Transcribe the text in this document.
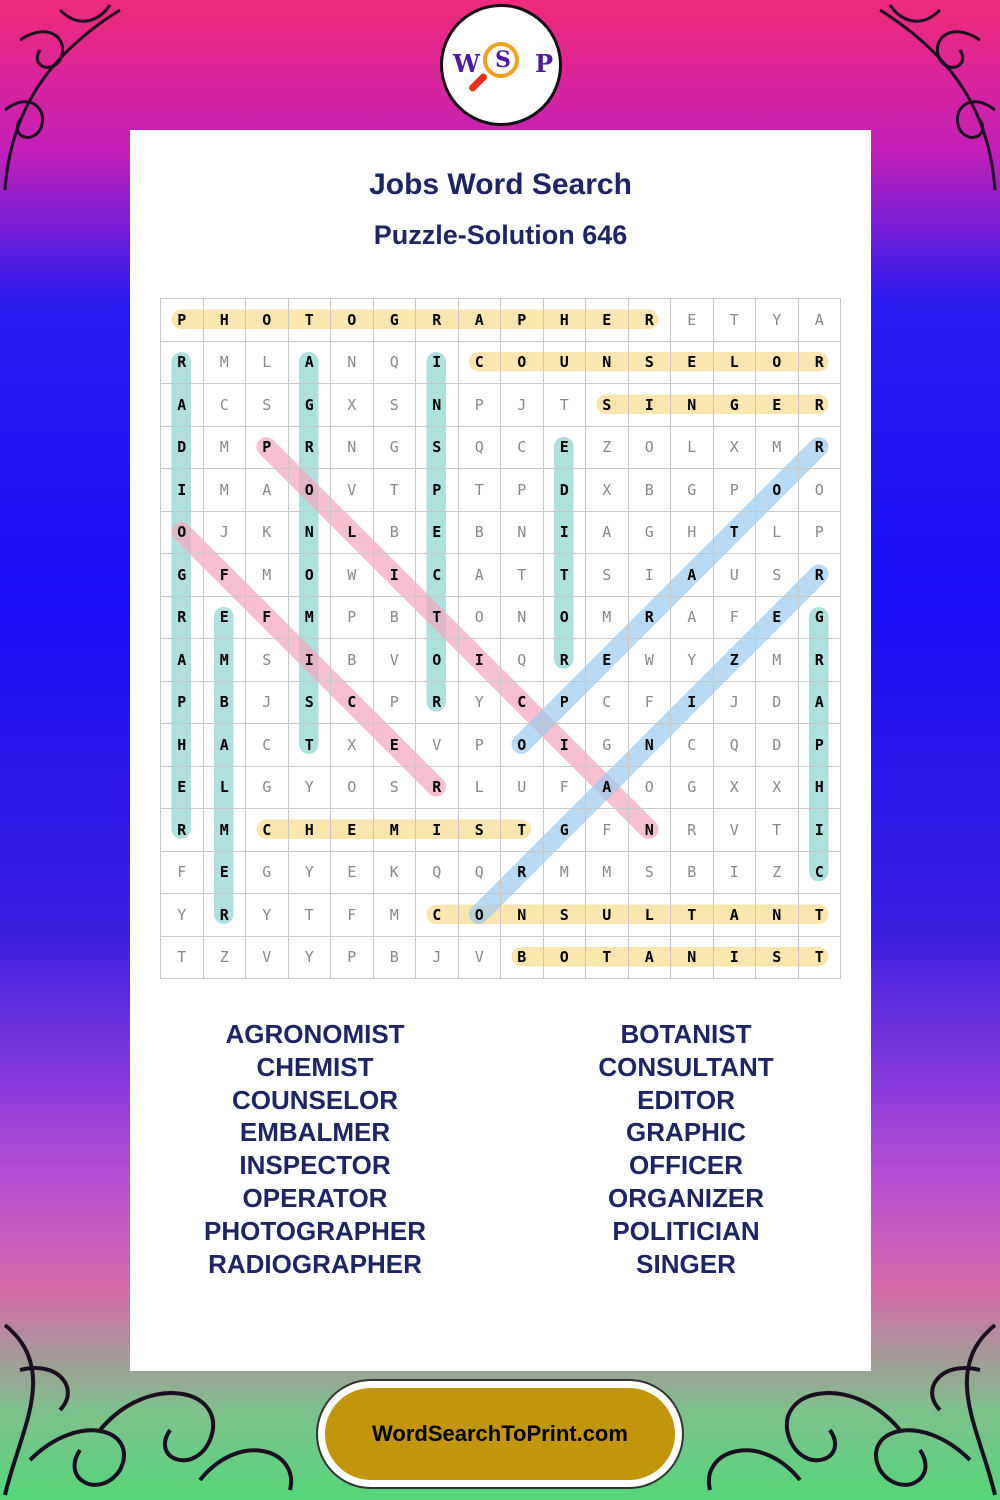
W S P
Jobs Word Search
Puzzle-Solution 646
P	H	O	T	O	G	R	A	P	H	E	R	E	T	Y	A
R	M	L	A	N	Q	I	C	O	U	N	S	E	L	O	R
A	C	S	G	X	S	N	P	J	T	S	I	N	G	E	R
D	M	P	R	N	G	S	Q	C	E	Z	O	L	X	M	R
I	M	A	O	V	T	P	T	P	D	X	B	G	P	O	O
O	J	K	N	L	B	E	B	N	I	A	G	H	T	L	P
G	F	M	O	W	I	C	A	T	T	S	I	A	U	S	R
R	E	F	M	P	B	T	O	N	O	M	R	A	F	E	G
A	M	S	I	B	V	O	I	Q	R	E	W	Y	Z	M	R
P	B	J	S	C	P	R	Y	C	P	C	F	I	J	D	A
H	A	C	T	X	E	V	P	O	I	G	N	C	Q	D	P
E	L	G	Y	O	S	R	L	U	F	A	O	G	X	X	H
R	M	C	H	E	M	I	S	T	G	F	N	R	V	T	I
F	E	G	Y	E	K	Q	Q	R	M	M	S	B	I	Z	C
Y	R	Y	T	F	M	C	O	N	S	U	L	T	A	N	T
T	Z	V	Y	P	B	J	V	B	O	T	A	N	I	S	T
AGRONOMIST
CHEMIST
COUNSELOR
EMBALMER
INSPECTOR
OPERATOR
PHOTOGRAPHER
RADIOGRAPHER
BOTANIST
CONSULTANT
EDITOR
GRAPHIC
OFFICER
ORGANIZER
POLITICIAN
SINGER
WordSearchToPrint.com
